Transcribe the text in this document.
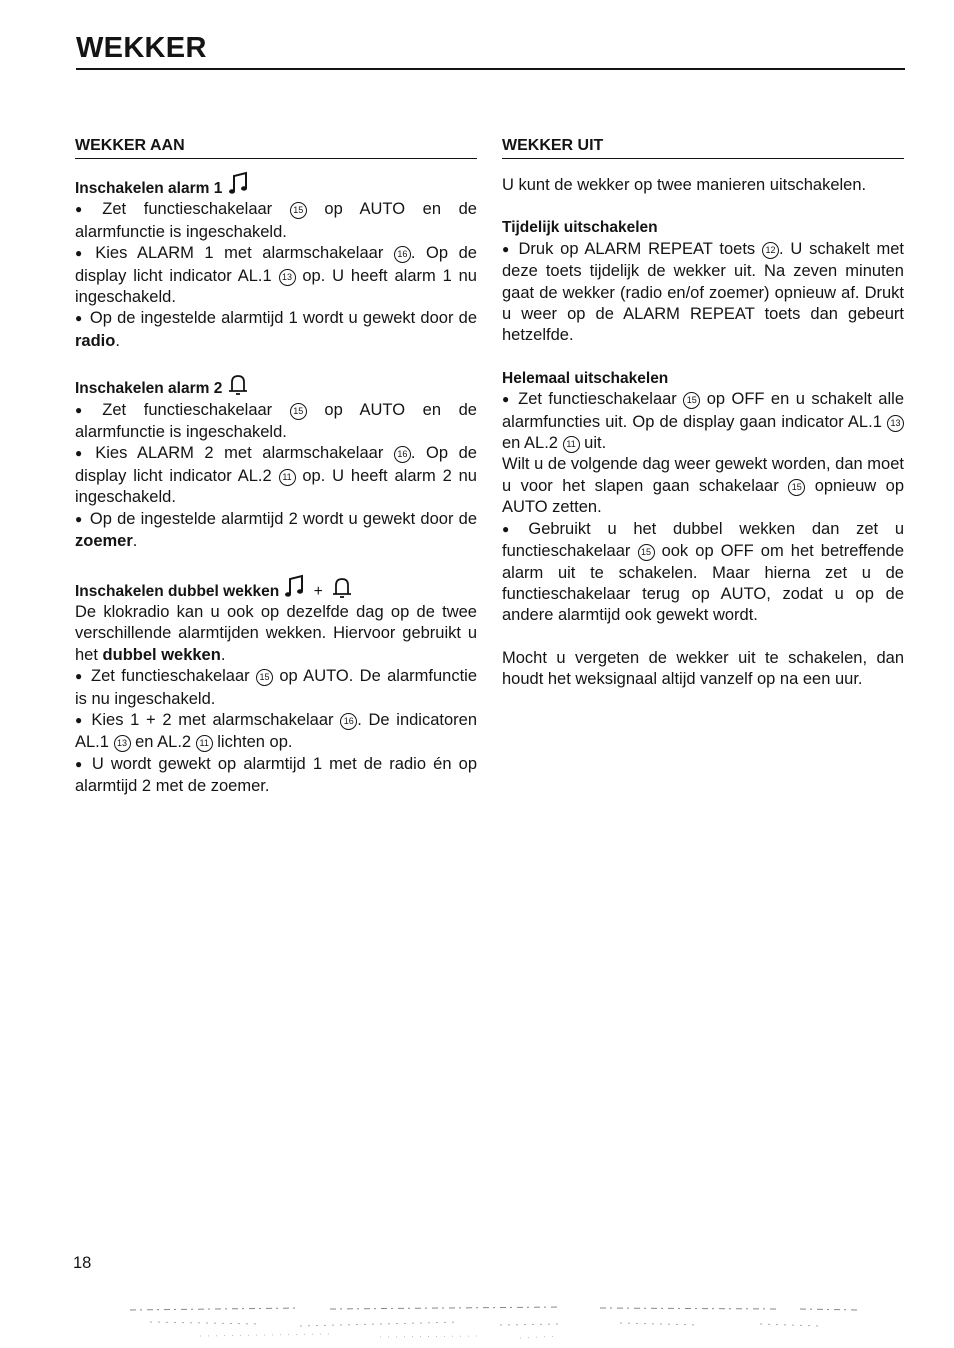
WEKKER
WEKKER AAN
Inschakelen alarm 1
● Zet functieschakelaar 15 op AUTO en de alarmfunctie is ingeschakeld.
● Kies ALARM 1 met alarmschakelaar 16 . Op de display licht indicator AL.1 13 op. U heeft alarm 1 nu ingeschakeld.
● Op de ingestelde alarmtijd 1 wordt u gewekt door de radio.
Inschakelen alarm 2
● Zet functieschakelaar 15 op AUTO en de alarmfunctie is ingeschakeld.
● Kies ALARM 2 met alarmschakelaar 16 . Op de display licht indicator AL.2 11 op. U heeft alarm 2 nu ingeschakeld.
● Op de ingestelde alarmtijd 2 wordt u gewekt door de zoemer.
Inschakelen dubbel wekken +
De klokradio kan u ook op dezelfde dag op de twee verschillende alarmtijden wekken. Hiervoor gebruikt u het dubbel wekken.
● Zet functieschakelaar 15 op AUTO. De alarmfunctie is nu ingeschakeld.
● Kies 1 + 2 met alarmschakelaar 16 . De indicatoren AL.1 13 en AL.2 11 lichten op.
● U wordt gewekt op alarmtijd 1 met de radio én op alarmtijd 2 met de zoemer.
WEKKER UIT
U kunt de wekker op twee manieren uitschakelen.
Tijdelijk uitschakelen
● Druk op ALARM REPEAT toets 12 . U schakelt met deze toets tijdelijk de wekker uit. Na zeven minuten gaat de wekker (radio en/of zoemer) opnieuw af. Drukt u weer op de ALARM REPEAT toets dan gebeurt hetzelfde.
Helemaal uitschakelen
● Zet functieschakelaar 15 op OFF en u schakelt alle alarmfuncties uit. Op de display gaan indicator AL.1 13 en AL.2 11 uit.
Wilt u de volgende dag weer gewekt worden, dan moet u voor het slapen gaan schakelaar 15 opnieuw op AUTO zetten.
● Gebruikt u het dubbel wekken dan zet u functieschakelaar 15 ook op OFF om het betreffende alarm uit te schakelen. Maar hierna zet u de functieschakelaar terug op AUTO, zodat u op de andere alarmtijd ook gewekt wordt.
Mocht u vergeten de wekker uit te schakelen, dan houdt het weksignaal altijd vanzelf op na een uur.
18
